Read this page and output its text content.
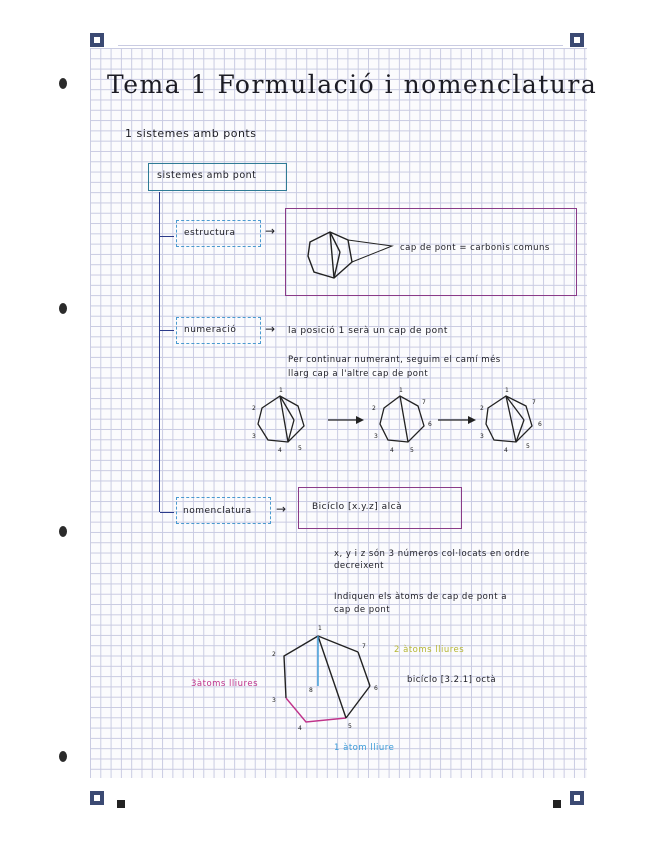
Tema 1 Formulació i nomenclatura
1 sistemes amb ponts
sistemes amb pont
estructura →
cap de pont = carbonis comuns
numeració → la posició 1 serà un cap de pont
Per continuar numerant, seguim el camí més
llarg cap a l'altre cap de pont
1
2
3
4	5
1
2
3
4	5
6
7
1
2
3
4
5
6
7
nomenclatura →	Bicíclo [x.y.z] alcà
x, y i z són 3 números col·locats en ordre
decreixent
Indiquen els àtoms de cap de pont a
cap de pont
1
2
3
4	5
6
7
8
2 àtoms lliures
3àtoms lliures	bicíclo [3.2.1] octà
1 àtom lliure
